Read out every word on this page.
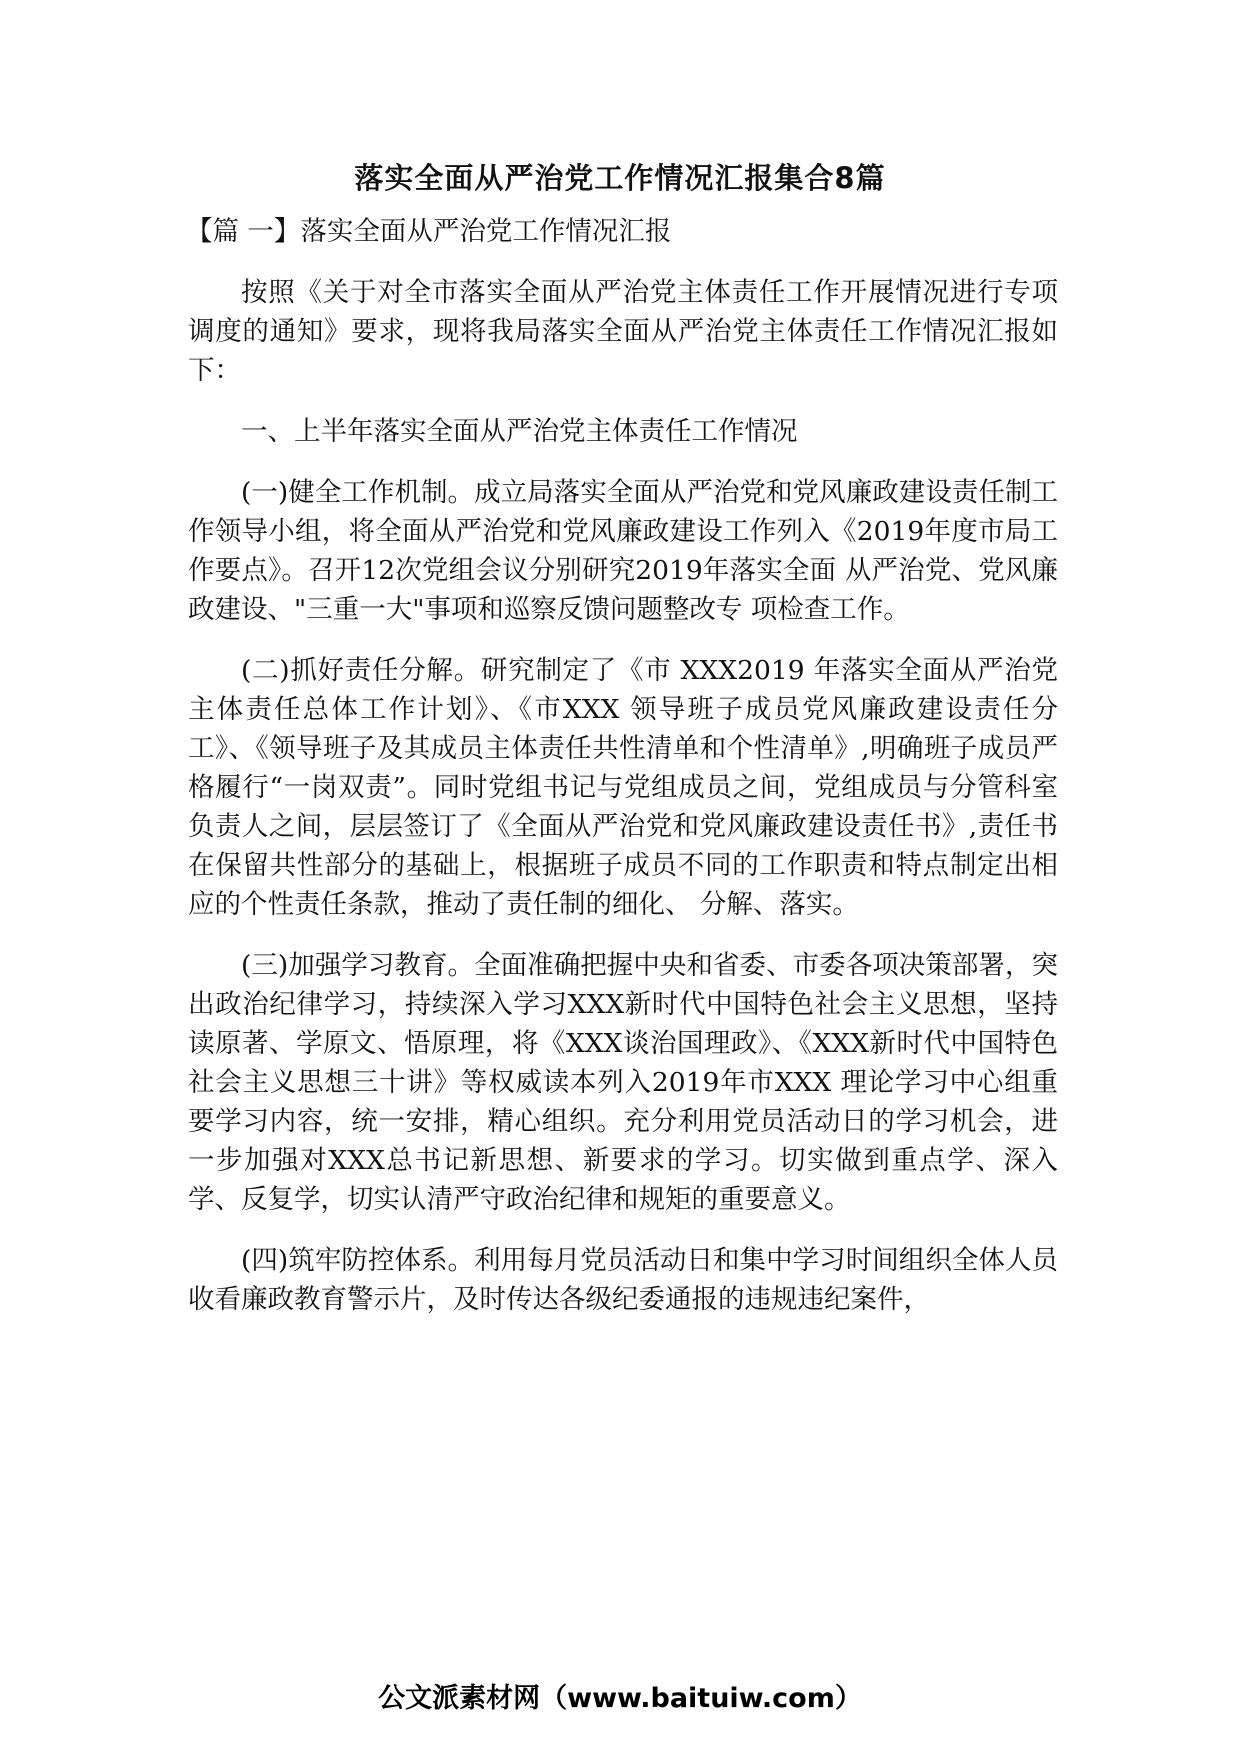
落实全面从严治党工作情况汇报集合8篇

【篇 一】落实全面从严治党工作情况汇报

按照《关于对全市落实全面从严治党主体责任工作开展情况进行专项调度的通知》要求，现将我局落实全面从严治党主体责任工作情况汇报如下：

一、上半年落实全面从严治党主体责任工作情况

(一)健全工作机制。成立局落实全面从严治党和党风廉政建设责任制工作领导小组，将全面从严治党和党风廉政建设工作列入《2019年度市局工作要点》。召开12次党组会议分别研究2019年落实全面 从严治党、党风廉政建设、"三重一大"事项和巡察反馈问题整改专 项检查工作。

(二)抓好责任分解。研究制定了《市 XXX2019 年落实全面从严治党主体责任总体工作计划》、《市XXX 领导班子成员党风廉政建设责任分工》、《领导班子及其成员主体责任共性清单和个性清单》,明确班子成员严格履行“一岗双责”。同时党组书记与党组成员之间，党组成员与分管科室负责人之间，层层签订了《全面从严治党和党风廉政建设责任书》,责任书在保留共性部分的基础上，根据班子成员不同的工作职责和特点制定出相应的个性责任条款，推动了责任制的细化、 分解、落实。

(三)加强学习教育。全面准确把握中央和省委、市委各项决策部署，突出政治纪律学习，持续深入学习XXX新时代中国特色社会主义思想，坚持读原著、学原文、悟原理，将《XXX谈治国理政》、《XXX新时代中国特色社会主义思想三十讲》等权威读本列入2019年市XXX 理论学习中心组重要学习内容，统一安排，精心组织。充分利用党员活动日的学习机会，进一步加强对XXX总书记新思想、新要求的学习。切实做到重点学、深入学、反复学，切实认清严守政治纪律和规矩的重要意义。

(四)筑牢防控体系。利用每月党员活动日和集中学习时间组织全体人员收看廉政教育警示片，及时传达各级纪委通报的违规违纪案件，

公文派素材网（www.baituiw.com）
